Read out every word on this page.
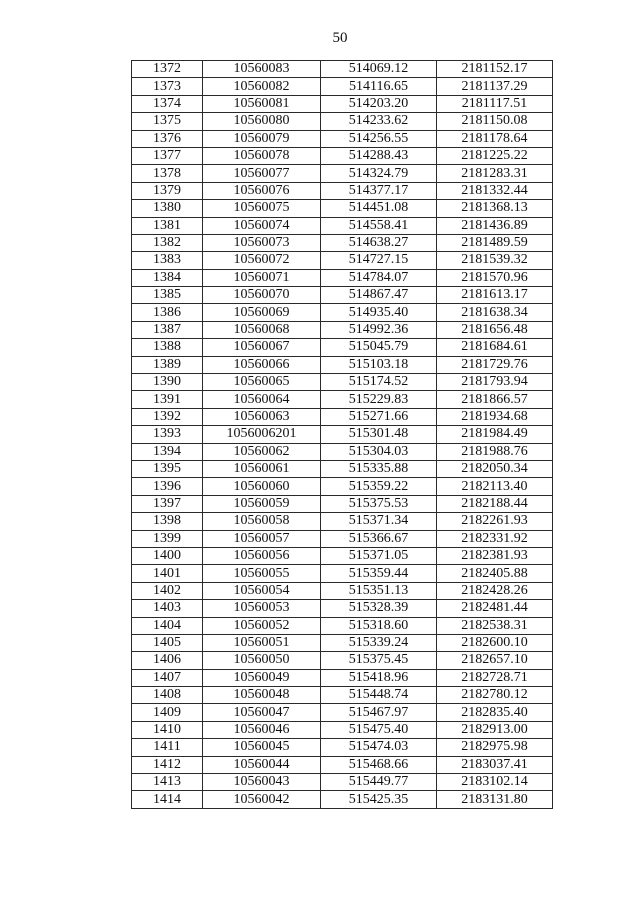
50
1372	10560083	514069.12	2181152.17
1373	10560082	514116.65	2181137.29
1374	10560081	514203.20	2181117.51
1375	10560080	514233.62	2181150.08
1376	10560079	514256.55	2181178.64
1377	10560078	514288.43	2181225.22
1378	10560077	514324.79	2181283.31
1379	10560076	514377.17	2181332.44
1380	10560075	514451.08	2181368.13
1381	10560074	514558.41	2181436.89
1382	10560073	514638.27	2181489.59
1383	10560072	514727.15	2181539.32
1384	10560071	514784.07	2181570.96
1385	10560070	514867.47	2181613.17
1386	10560069	514935.40	2181638.34
1387	10560068	514992.36	2181656.48
1388	10560067	515045.79	2181684.61
1389	10560066	515103.18	2181729.76
1390	10560065	515174.52	2181793.94
1391	10560064	515229.83	2181866.57
1392	10560063	515271.66	2181934.68
1393	1056006201	515301.48	2181984.49
1394	10560062	515304.03	2181988.76
1395	10560061	515335.88	2182050.34
1396	10560060	515359.22	2182113.40
1397	10560059	515375.53	2182188.44
1398	10560058	515371.34	2182261.93
1399	10560057	515366.67	2182331.92
1400	10560056	515371.05	2182381.93
1401	10560055	515359.44	2182405.88
1402	10560054	515351.13	2182428.26
1403	10560053	515328.39	2182481.44
1404	10560052	515318.60	2182538.31
1405	10560051	515339.24	2182600.10
1406	10560050	515375.45	2182657.10
1407	10560049	515418.96	2182728.71
1408	10560048	515448.74	2182780.12
1409	10560047	515467.97	2182835.40
1410	10560046	515475.40	2182913.00
1411	10560045	515474.03	2182975.98
1412	10560044	515468.66	2183037.41
1413	10560043	515449.77	2183102.14
1414	10560042	515425.35	2183131.80
